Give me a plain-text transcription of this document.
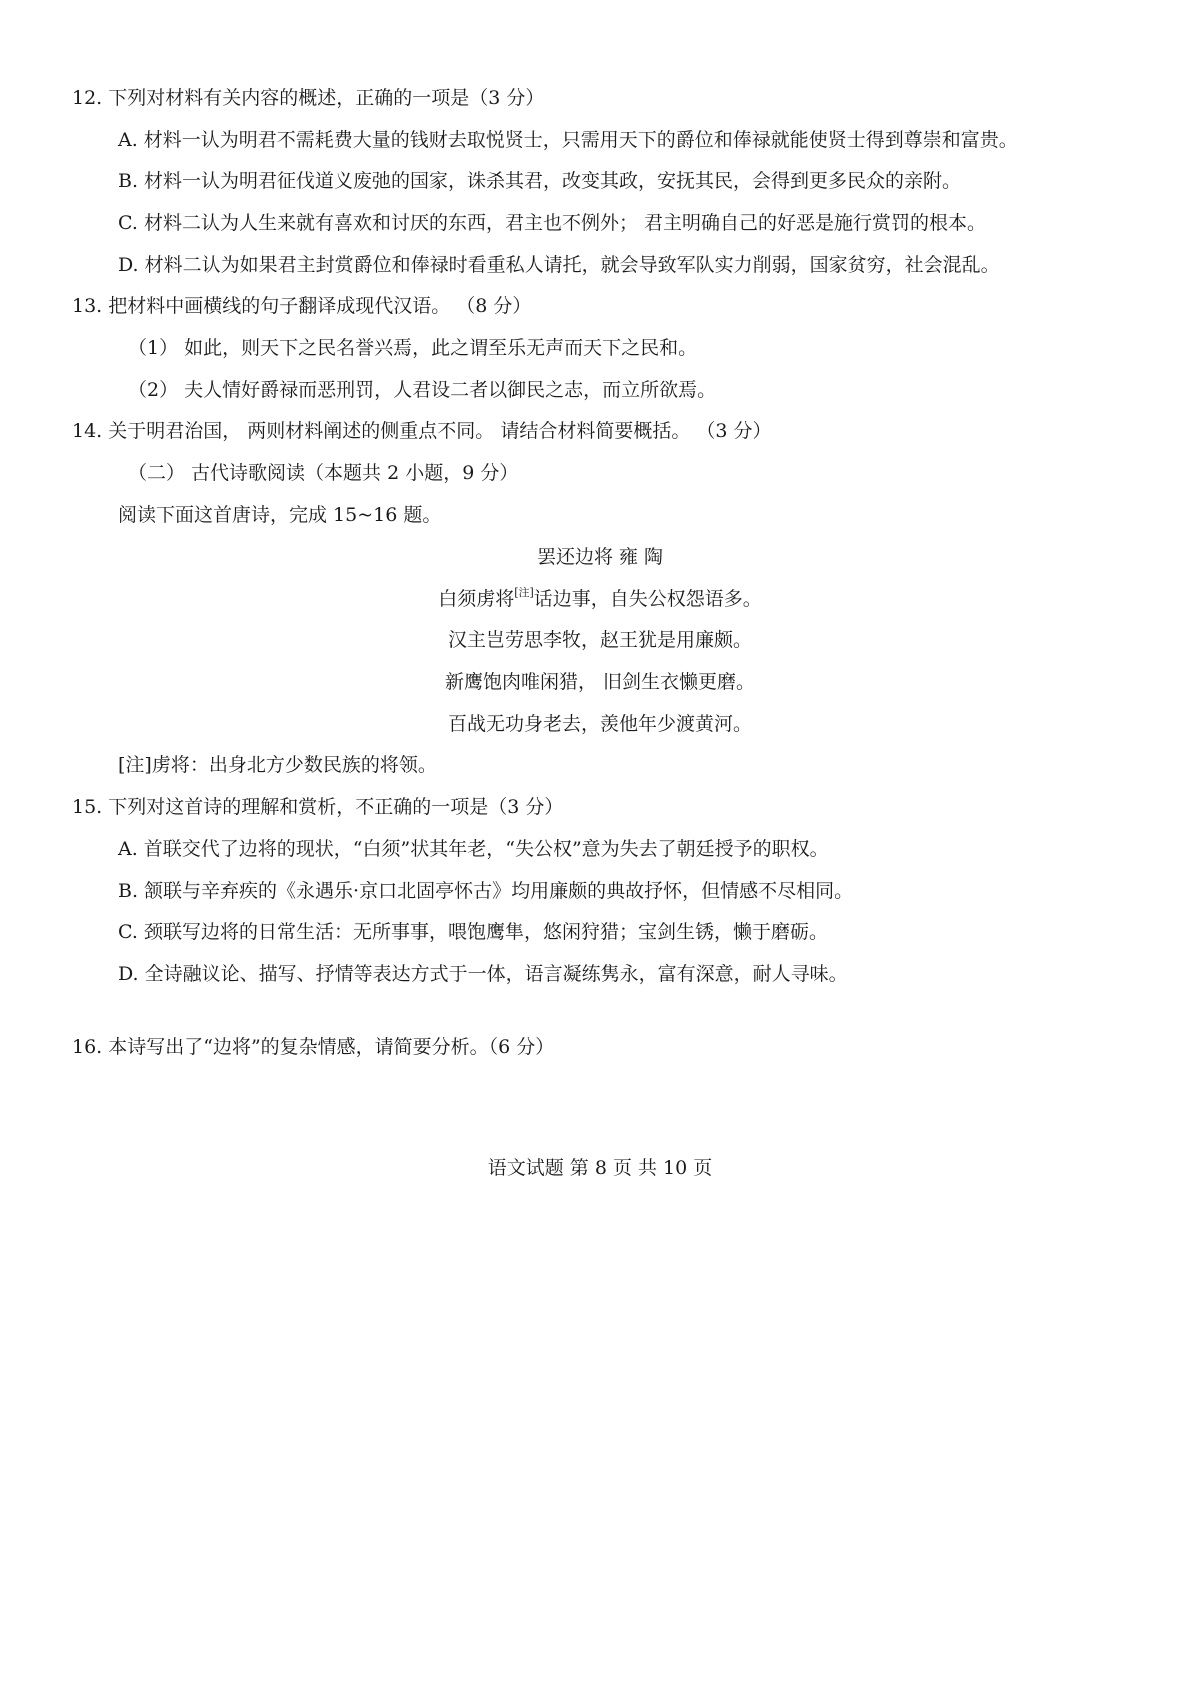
12. 下列对材料有关内容的概述，正确的一项是（3 分）
A. 材料一认为明君不需耗费大量的钱财去取悦贤士，只需用天下的爵位和俸禄就能使贤士得到尊崇和富贵。
B. 材料一认为明君征伐道义废弛的国家，诛杀其君，改变其政，安抚其民，会得到更多民众的亲附。
C. 材料二认为人生来就有喜欢和讨厌的东西，君主也不例外； 君主明确自己的好恶是施行赏罚的根本。
D. 材料二认为如果君主封赏爵位和俸禄时看重私人请托，就会导致军队实力削弱，国家贫穷，社会混乱。
13. 把材料中画横线的句子翻译成现代汉语。 （8 分）
（1） 如此，则天下之民名誉兴焉，此之谓至乐无声而天下之民和。
（2） 夫人情好爵禄而恶刑罚，人君设二者以御民之志，而立所欲焉。
14. 关于明君治国， 两则材料阐述的侧重点不同。 请结合材料简要概括。 （3 分）
（二） 古代诗歌阅读（本题共 2 小题，9 分）
阅读下面这首唐诗，完成 15~16 题。
罢还边将 雍 陶
白须虏将[注]话边事，自失公权怨语多。
汉主岂劳思李牧，赵王犹是用廉颇。
新鹰饱肉唯闲猎， 旧剑生衣懒更磨。
百战无功身老去，羡他年少渡黄河。
[注]虏将：出身北方少数民族的将领。
15. 下列对这首诗的理解和赏析，不正确的一项是（3 分）
A. 首联交代了边将的现状，“白须”状其年老，“失公权”意为失去了朝廷授予的职权。
B. 颔联与辛弃疾的《永遇乐·京口北固亭怀古》均用廉颇的典故抒怀，但情感不尽相同。
C. 颈联写边将的日常生活：无所事事，喂饱鹰隼，悠闲狩猎；宝剑生锈，懒于磨砺。
D. 全诗融议论、描写、抒情等表达方式于一体，语言凝练隽永，富有深意，耐人寻味。
16. 本诗写出了“边将”的复杂情感，请简要分析。（6 分）
语文试题 第 8 页 共 10 页
